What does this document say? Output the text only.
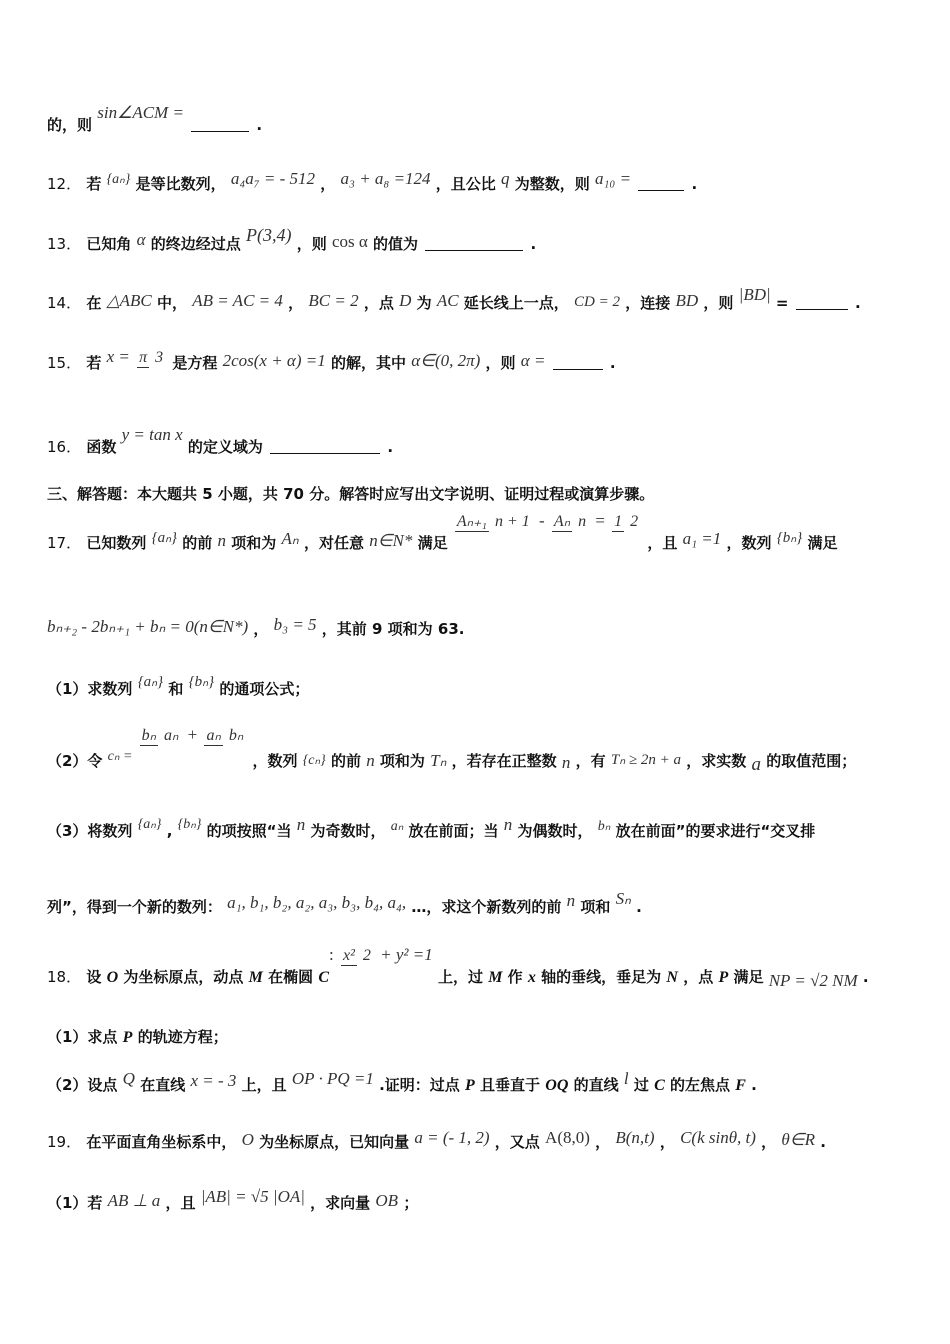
的，则 sin∠ACM =  .
12． 若 {aₙ} 是等比数列， a₄a₇ = - 512 ， a₃ + a₈ =124 ，且公比 q 为整数，则 a₁₀ =	.
13． 已知角 α 的终边经过点 P(3,4) ，则 cos α 的值为	.
14． 在 △ABC 中， AB = AC = 4 ， BC = 2 ，点 D 为 AC 延长线上一点， CD = 2 ，连接 BD ，则 |BD| =	.
15． 若 x = π 3 是方程 2cos(x + α) =1 的解，其中 α∈(0, 2π) ，则 α =	.
16． 函数 y = tan x 的定义域为	.
三、解答题：本大题共 5 小题，共 70 分。解答时应写出文字说明、证明过程或演算步骤。
17． 已知数列 {aₙ} 的前 n 项和为 Aₙ ，对任意 n∈N* 满足 Aₙ₊₁ n + 1 - Aₙ n = 1 2 ，且 a₁ =1 ，数列 {bₙ} 满足
bₙ₊₂ - 2bₙ₊₁ + bₙ = 0(n∈N*) ， b₃ = 5 ，其前 9 项和为 63.
（1）求数列 {aₙ} 和 {bₙ} 的通项公式；
（2）令 cₙ = bₙ aₙ + aₙ bₙ ，数列 {cₙ} 的前 n 项和为 Tₙ ，若存在正整数 n ，有 Tₙ ≥ 2n + a ，求实数 a 的取值范围；
（3）将数列 {aₙ} , {bₙ} 的项按照“当 n 为奇数时， aₙ 放在前面；当 n 为偶数时， bₙ 放在前面”的要求进行“交叉排
列”，得到一个新的数列： a₁, b₁, b₂, a₂, a₃, b₃, b₄, a₄, …，求这个新数列的前 n 项和 Sₙ .
18． 设 O 为坐标原点，动点 M 在椭圆 C: x² 2 + y² =1 上，过 M 作 x 轴的垂线，垂足为 N ，点 P 满足 NP = √2 NM .
（1）求点 P 的轨迹方程；
（2）设点 Q 在直线 x = - 3 上，且 OP · PQ =1 .证明：过点 P 且垂直于 OQ 的直线 l 过 C 的左焦点 F .
19． 在平面直角坐标系中， O 为坐标原点，已知向量 a = (- 1, 2) ，又点 A(8,0) ， B(n,t) ， C(k sinθ, t) ， θ∈R .
（1）若 AB ⊥ a ，且 |AB| = √5 |OA| ，求向量 OB ；
